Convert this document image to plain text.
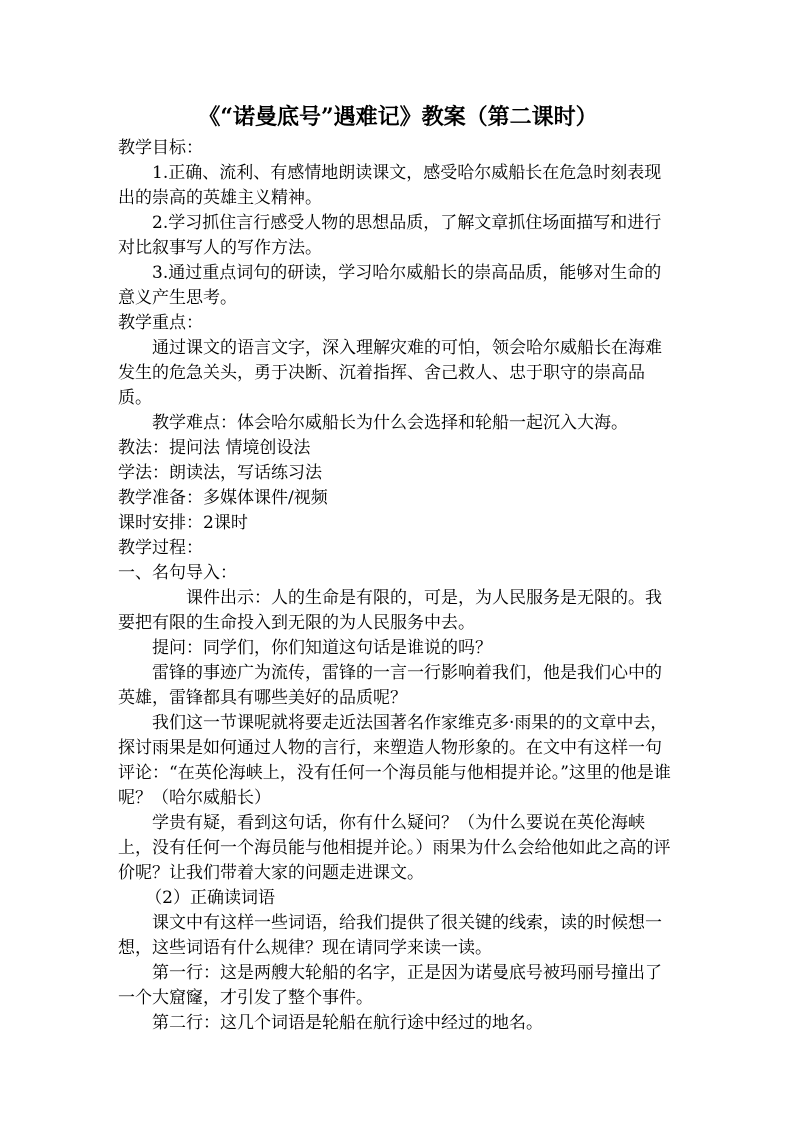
《“诺曼底号”遇难记》教案（第二课时）

教学目标：

1.正确、流利、有感情地朗读课文，感受哈尔威船长在危急时刻表现出的崇高的英雄主义精神。

2.学习抓住言行感受人物的思想品质，了解文章抓住场面描写和进行对比叙事写人的写作方法。

3.通过重点词句的研读，学习哈尔威船长的崇高品质，能够对生命的意义产生思考。

教学重点：

通过课文的语言文字，深入理解灾难的可怕，领会哈尔威船长在海难发生的危急关头，勇于决断、沉着指挥、舍己救人、忠于职守的崇高品质。

教学难点：体会哈尔威船长为什么会选择和轮船一起沉入大海。

教法：提问法 情境创设法

学法：朗读法，写话练习法

教学准备：多媒体课件/视频

课时安排：2课时

教学过程：

一、名句导入：

课件出示：人的生命是有限的，可是，为人民服务是无限的。我要把有限的生命投入到无限的为人民服务中去。

提问：同学们，你们知道这句话是谁说的吗？

雷锋的事迹广为流传，雷锋的一言一行影响着我们，他是我们心中的英雄，雷锋都具有哪些美好的品质呢？

我们这一节课呢就将要走近法国著名作家维克多·雨果的的文章中去，探讨雨果是如何通过人物的言行，来塑造人物形象的。在文中有这样一句评论：“在英伦海峡上，没有任何一个海员能与他相提并论。”这里的他是谁呢？（哈尔威船长）

学贵有疑，看到这句话，你有什么疑问？（为什么要说在英伦海峡上，没有任何一个海员能与他相提并论。）雨果为什么会给他如此之高的评价呢？让我们带着大家的问题走进课文。

（2）正确读词语

课文中有这样一些词语，给我们提供了很关键的线索，读的时候想一想，这些词语有什么规律？现在请同学来读一读。

第一行：这是两艘大轮船的名字，正是因为诺曼底号被玛丽号撞出了一个大窟窿，才引发了整个事件。

第二行：这几个词语是轮船在航行途中经过的地名。
